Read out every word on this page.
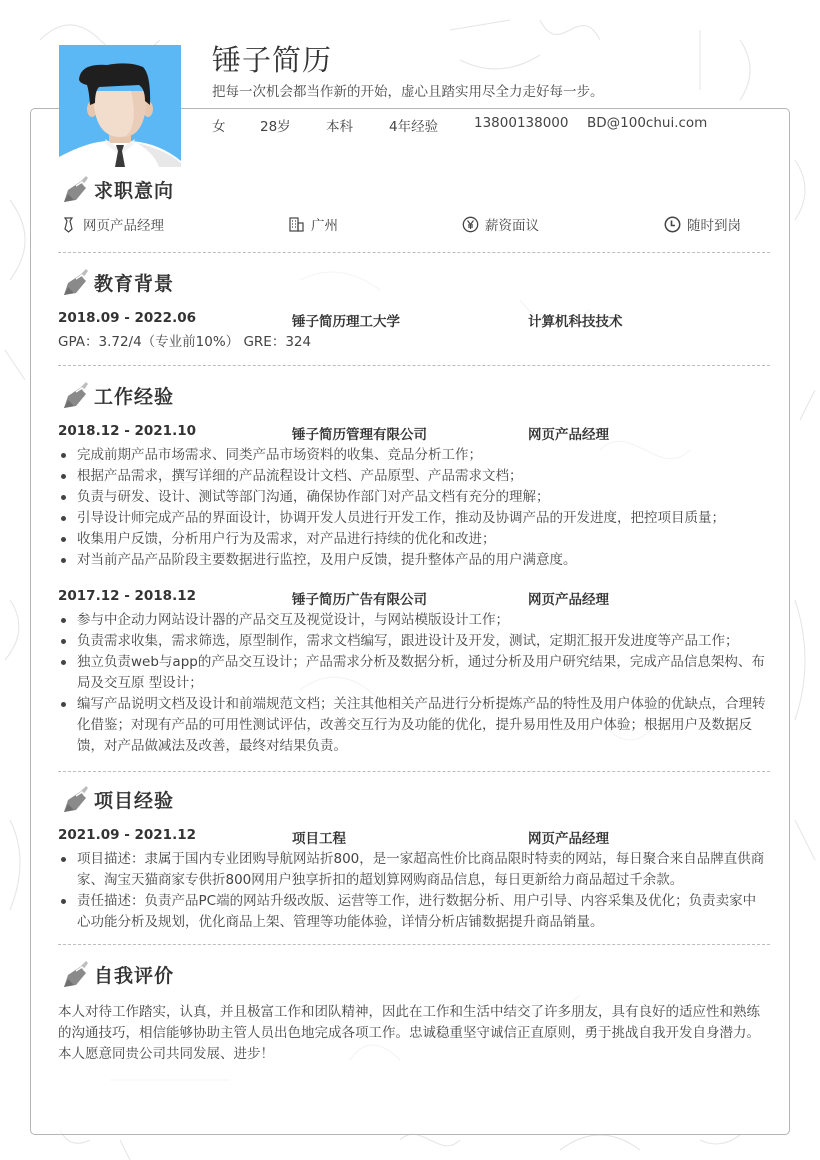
锤子简历
把每一次机会都当作新的开始，虚心且踏实用尽全力走好每一步。
女	28岁	本科	4年经验	13800138000	BD@100chui.com
求职意向
网页产品经理	广州	薪资面议	随时到岗
教育背景
2018.09 - 2022.06	锤子简历理工大学	计算机科技技术
GPA：3.72/4（专业前10%） GRE：324
工作经验
2018.12 - 2021.10	锤子简历管理有限公司	网页产品经理
完成前期产品市场需求、同类产品市场资料的收集、竞品分析工作；
根据产品需求，撰写详细的产品流程设计文档、产品原型、产品需求文档；
负责与研发、设计、测试等部门沟通，确保协作部门对产品文档有充分的理解；
引导设计师完成产品的界面设计，协调开发人员进行开发工作，推动及协调产品的开发进度，把控项目质量；
收集用户反馈，分析用户行为及需求，对产品进行持续的优化和改进；
对当前产品产品阶段主要数据进行监控，及用户反馈，提升整体产品的用户满意度。
2017.12 - 2018.12	锤子简历广告有限公司	网页产品经理
参与中企动力网站设计器的产品交互及视觉设计，与网站模版设计工作；
负责需求收集，需求筛选，原型制作，需求文档编写，跟进设计及开发，测试，定期汇报开发进度等产品工作；
独立负责web与app的产品交互设计；产品需求分析及数据分析，通过分析及用户研究结果，完成产品信息架构、布局及交互原 型设计；
编写产品说明文档及设计和前端规范文档；关注其他相关产品进行分析提炼产品的特性及用户体验的优缺点，合理转化借鉴；对现有产品的可用性测试评估，改善交互行为及功能的优化，提升易用性及用户体验；根据用户及数据反馈，对产品做减法及改善，最终对结果负责。
项目经验
2021.09 - 2021.12	项目工程	网页产品经理
项目描述：隶属于国内专业团购导航网站折800，是一家超高性价比商品限时特卖的网站，每日聚合来自品牌直供商家、淘宝天猫商家专供折800网用户独享折扣的超划算网购商品信息，每日更新给力商品超过千余款。
责任描述：负责产品PC端的网站升级改版、运营等工作，进行数据分析、用户引导、内容采集及优化；负责卖家中心功能分析及规划，优化商品上架、管理等功能体验，详情分析店铺数据提升商品销量。
自我评价
本人对待工作踏实，认真，并且极富工作和团队精神，因此在工作和生活中结交了许多朋友，具有良好的适应性和熟练的沟通技巧，相信能够协助主管人员出色地完成各项工作。忠诚稳重坚守诚信正直原则，勇于挑战自我开发自身潜力。本人愿意同贵公司共同发展、进步！
